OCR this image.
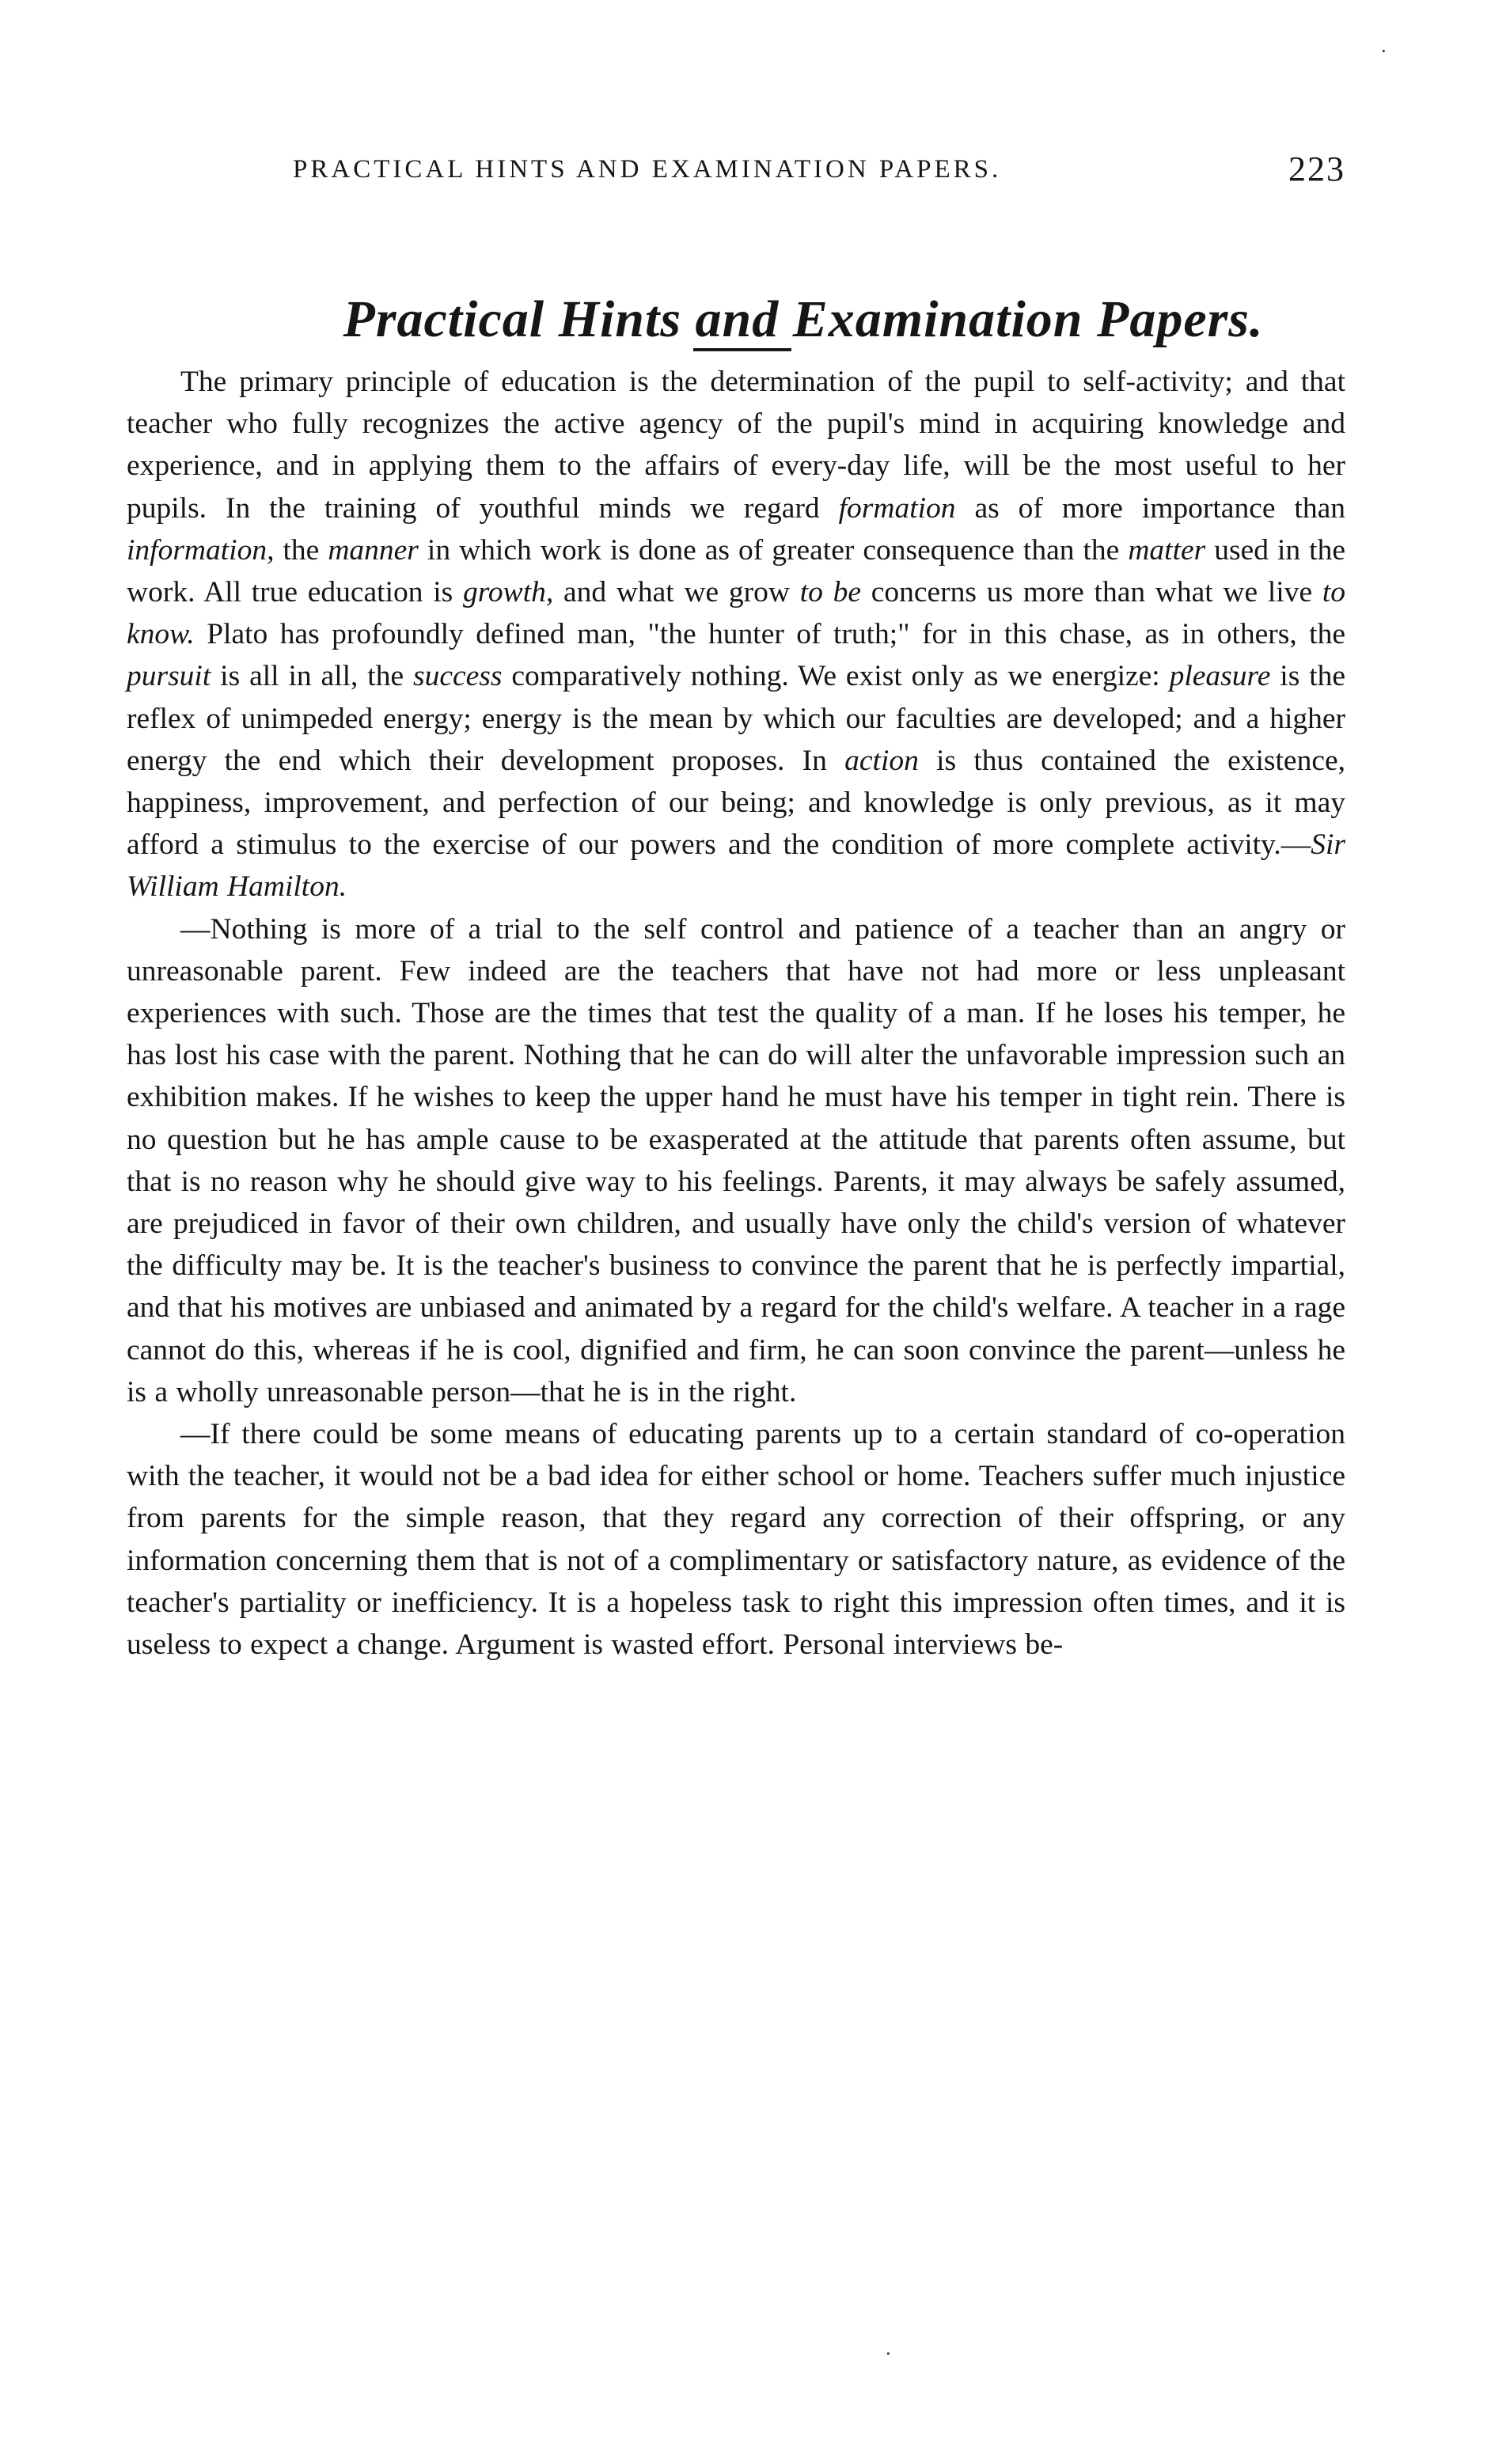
·
PRACTICAL HINTS AND EXAMINATION PAPERS.	223
Practical Hints and Examination Papers.

The primary principle of education is the determination of the pupil to self-activity; and that teacher who fully recognizes the active agency of the pupil's mind in acquiring knowledge and experience, and in applying them to the affairs of every-day life, will be the most useful to her pupils. In the training of youthful minds we regard formation as of more importance than information, the manner in which work is done as of greater consequence than the matter used in the work. All true education is growth, and what we grow to be concerns us more than what we live to know. Plato has profoundly defined man, "the hunter of truth;" for in this chase, as in others, the pursuit is all in all, the success comparatively nothing. We exist only as we energize: pleasure is the reflex of unimpeded energy; energy is the mean by which our faculties are developed; and a higher energy the end which their development proposes. In action is thus contained the existence, happiness, improvement, and perfection of our being; and knowledge is only previous, as it may afford a stimulus to the exercise of our powers and the condition of more complete activity.—Sir William Hamilton.

—Nothing is more of a trial to the self control and patience of a teacher than an angry or unreasonable parent. Few indeed are the teachers that have not had more or less unpleasant experiences with such. Those are the times that test the quality of a man. If he loses his temper, he has lost his case with the parent. Nothing that he can do will alter the unfavorable impression such an exhibition makes. If he wishes to keep the upper hand he must have his temper in tight rein. There is no question but he has ample cause to be exasperated at the attitude that parents often assume, but that is no reason why he should give way to his feelings. Parents, it may always be safely assumed, are prejudiced in favor of their own children, and usually have only the child's version of whatever the difficulty may be. It is the teacher's business to convince the parent that he is perfectly impartial, and that his motives are unbiased and animated by a regard for the child's welfare. A teacher in a rage cannot do this, whereas if he is cool, dignified and firm, he can soon convince the parent—unless he is a wholly unreasonable person—that he is in the right.

—If there could be some means of educating parents up to a certain standard of co-operation with the teacher, it would not be a bad idea for either school or home. Teachers suffer much injustice from parents for the simple reason, that they regard any correction of their offspring, or any information concerning them that is not of a complimentary or satisfactory nature, as evidence of the teacher's partiality or inefficiency. It is a hopeless task to right this impression often times, and it is useless to expect a change. Argument is wasted effort. Personal interviews be-

·
